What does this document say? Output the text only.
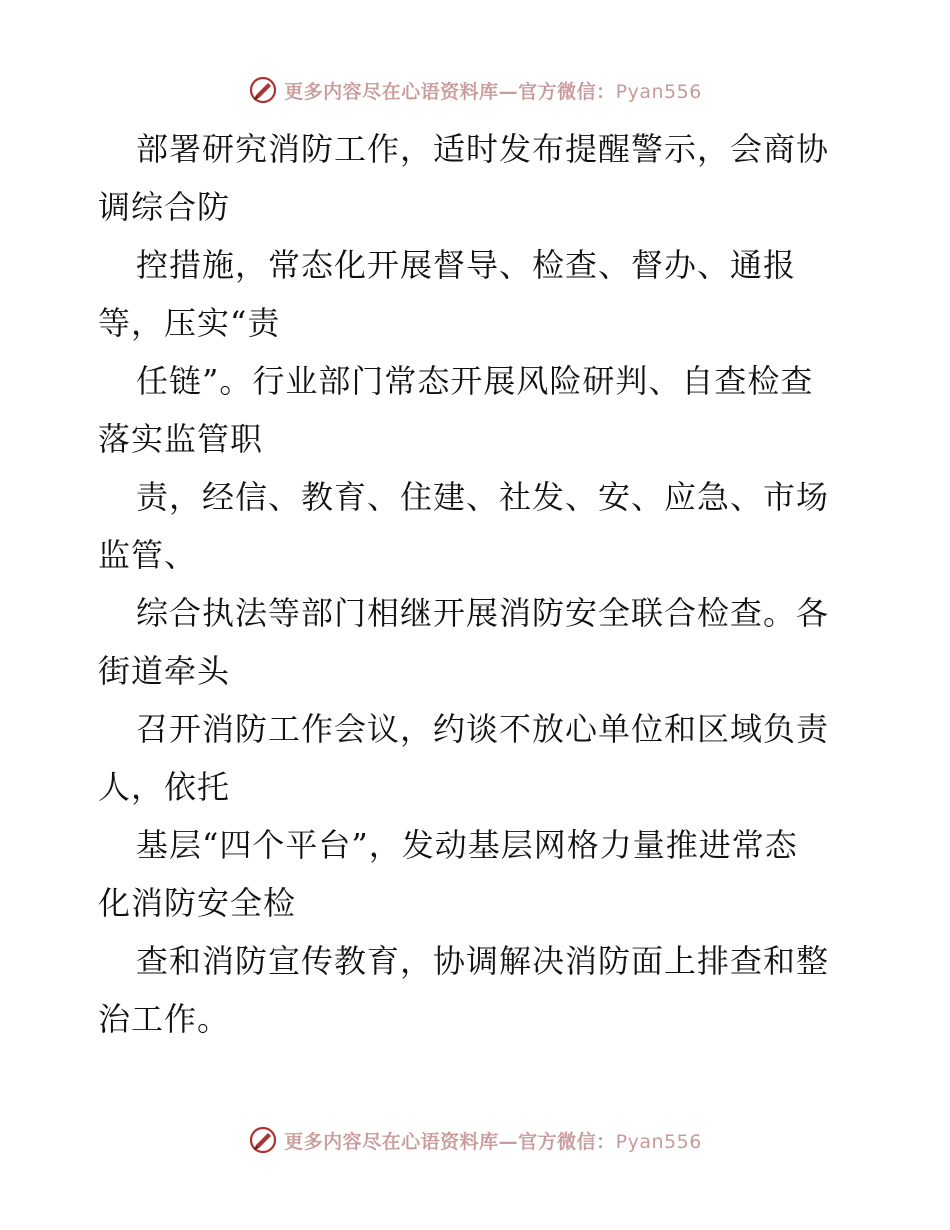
更多内容尽在心语资料库—官方微信：Pyan556

部署研究消防工作，适时发布提醒警示，会商协
调综合防

控措施，常态化开展督导、检查、督办、通报
等，压实“责

任链”。行业部门常态开展风险研判、自查检查
落实监管职

责，经信、教育、住建、社发、安、应急、市场
监管、

综合执法等部门相继开展消防安全联合检查。各
街道牵头

召开消防工作会议，约谈不放心单位和区域负责
人，依托

基层“四个平台”，发动基层网格力量推进常态
化消防安全检

查和消防宣传教育，协调解决消防面上排查和整
治工作。

更多内容尽在心语资料库—官方微信：Pyan556
